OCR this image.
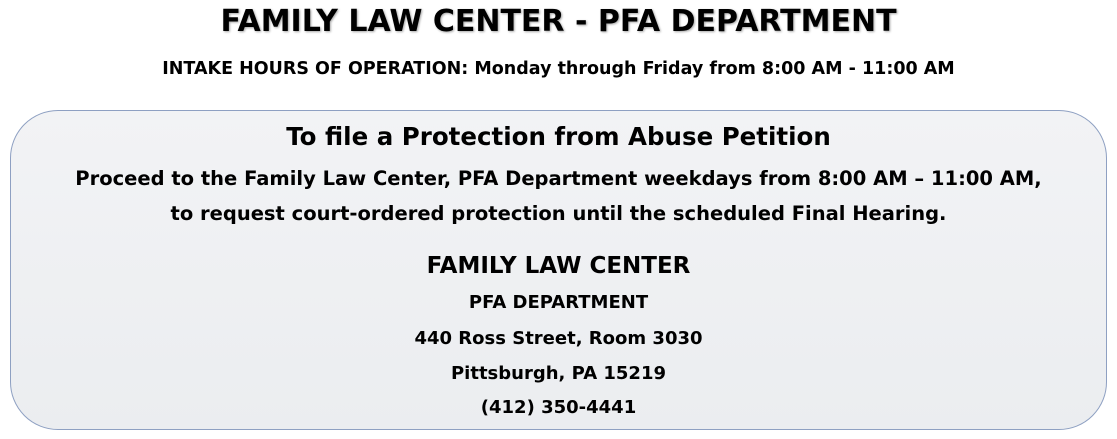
FAMILY LAW CENTER - PFA DEPARTMENT

INTAKE HOURS OF OPERATION: Monday through Friday from 8:00 AM - 11:00 AM

To file a Protection from Abuse Petition

Proceed to the Family Law Center, PFA Department weekdays from 8:00 AM – 11:00 AM,

to request court-ordered protection until the scheduled Final Hearing.

FAMILY LAW CENTER

PFA DEPARTMENT

440 Ross Street, Room 3030

Pittsburgh, PA 15219

(412) 350-4441
